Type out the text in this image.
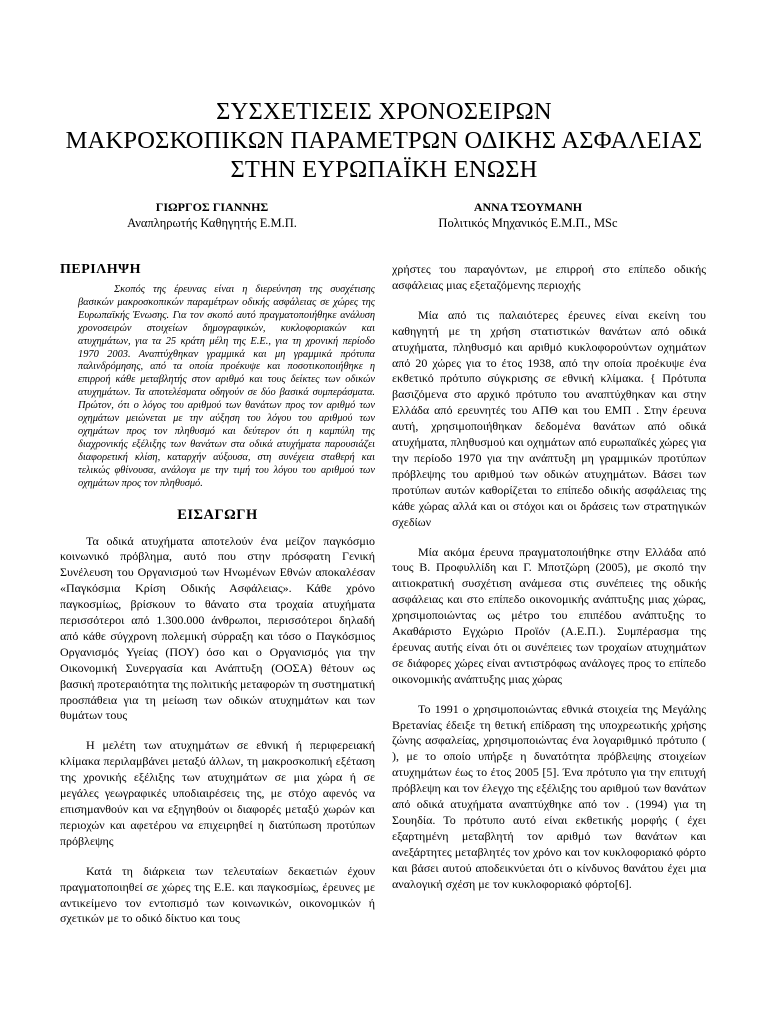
ΣΥΣΧΕΤΙΣΕΙΣ ΧΡΟΝΟΣΕΙΡΩΝ
ΜΑΚΡΟΣΚΟΠΙΚΩΝ ΠΑΡΑΜΕΤΡΩΝ ΟΔΙΚΗΣ ΑΣΦΑΛΕΙΑΣ
ΣΤΗΝ ΕΥΡΩΠΑΪΚΗ ΕΝΩΣΗ
ΓΙΩΡΓΟΣ ΓΙΑΝΝΗΣ
Αναπληρωτής Καθηγητής Ε.Μ.Π.
ΑΝΝΑ ΤΣΟΥΜΑΝΗ
Πολιτικός Μηχανικός Ε.Μ.Π., MSc
ΠΕΡΙΛΗΨΗ

Σκοπός της έρευνας είναι η διερεύνηση της συσχέτισης βασικών μακροσκοπικών παραμέτρων οδικής ασφάλειας σε χώρες της Ευρωπαϊκής Ένωσης. Για τον σκοπό αυτό πραγματοποιήθηκε ανάλυση χρονοσειρών στοιχείων δημογραφικών, κυκλοφοριακών και ατυχημάτων, για τα 25 κράτη μέλη της Ε.Ε., για τη χρονική περίοδο 1970 2003. Αναπτύχθηκαν γραμμικά και μη γραμμικά πρότυπα παλινδρόμησης, από τα οποία προέκυψε και ποσοτικοποιήθηκε η επιρροή κάθε μεταβλητής στον αριθμό και τους δείκτες των οδικών ατυχημάτων. Τα αποτελέσματα οδηγούν σε δύο βασικά συμπεράσματα. Πρώτον, ότι ο λόγος του αριθμού των θανάτων προς τον αριθμό των οχημάτων μειώνεται με την αύξηση του λόγου του αριθμού των οχημάτων προς τον πληθυσμό και δεύτερον ότι η καμπύλη της διαχρονικής εξέλιξης των θανάτων στα οδικά ατυχήματα παρουσιάζει διαφορετική κλίση, καταρχήν αύξουσα, στη συνέχεια σταθερή και τελικώς φθίνουσα, ανάλογα με την τιμή του λόγου του αριθμού των οχημάτων προς τον πληθυσμό.

ΕΙΣΑΓΩΓΗ

Τα οδικά ατυχήματα αποτελούν ένα μείζον παγκόσμιο κοινωνικό πρόβλημα, αυτό που στην πρόσφατη Γενική Συνέλευση του Οργανισμού των Ηνωμένων Εθνών αποκαλέσαν «Παγκόσμια Κρίση Οδικής Ασφάλειας». Κάθε χρόνο παγκοσμίως, βρίσκουν το θάνατο στα τροχαία ατυχήματα περισσότεροι από 1.300.000 άνθρωποι, περισσότεροι δηλαδή από κάθε σύγχρονη πολεμική σύρραξη και τόσο ο Παγκόσμιος Οργανισμός Υγείας (ΠΟΥ) όσο και ο Οργανισμός για την Οικονομική Συνεργασία και Ανάπτυξη (ΟΟΣΑ) θέτουν ως βασική προτεραιότητα της πολιτικής μεταφορών τη συστηματική προσπάθεια για τη μείωση των οδικών ατυχημάτων και των θυμάτων τους

Η μελέτη των ατυχημάτων σε εθνική ή περιφερειακή κλίμακα περιλαμβάνει μεταξύ άλλων, τη μακροσκοπική εξέταση της χρονικής εξέλιξης των ατυχημάτων σε μια χώρα ή σε μεγάλες γεωγραφικές υποδιαιρέσεις της, με στόχο αφενός να επισημανθούν και να εξηγηθούν οι διαφορές μεταξύ χωρών και περιοχών και αφετέρου να επιχειρηθεί η διατύπωση προτύπων πρόβλεψης

Κατά τη διάρκεια των τελευταίων δεκαετιών έχουν πραγματοποιηθεί σε χώρες της Ε.Ε. και παγκοσμίως, έρευνες με αντικείμενο τον εντοπισμό των κοινωνικών, οικονομικών ή σχετικών με το οδικό δίκτυο και τους

χρήστες του παραγόντων, με επιρροή στο επίπεδο οδικής ασφάλειας μιας εξεταζόμενης περιοχής

Μία από τις παλαιότερες έρευνες είναι εκείνη του καθηγητή με τη χρήση στατιστικών θανάτων από οδικά ατυχήματα, πληθυσμό και αριθμό κυκλοφορούντων οχημάτων από 20 χώρες για το έτος 1938, από την οποία προέκυψε ένα εκθετικό πρότυπο σύγκρισης σε εθνική κλίμακα. { Πρότυπα βασιζόμενα στο αρχικό πρότυπο του αναπτύχθηκαν και στην Ελλάδα από ερευνητές του ΑΠΘ και του ΕΜΠ . Στην έρευνα αυτή, χρησιμοποιήθηκαν δεδομένα θανάτων από οδικά ατυχήματα, πληθυσμού και οχημάτων από ευρωπαϊκές χώρες για την περίοδο 1970 για την ανάπτυξη μη γραμμικών προτύπων πρόβλεψης του αριθμού των οδικών ατυχημάτων. Βάσει των προτύπων αυτών καθορίζεται το επίπεδο οδικής ασφάλειας της κάθε χώρας αλλά και οι στόχοι και οι δράσεις των στρατηγικών σχεδίων

Μία ακόμα έρευνα πραγματοποιήθηκε στην Ελλάδα από τους Β. Προφυλλίδη και Γ. Μποτζώρη (2005), με σκοπό την αιτιοκρατική συσχέτιση ανάμεσα στις συνέπειες της οδικής ασφάλειας και στο επίπεδο οικονομικής ανάπτυξης μιας χώρας, χρησιμοποιώντας ως μέτρο του επιπέδου ανάπτυξης το Ακαθάριστο Εγχώριο Προϊόν (Α.Ε.Π.). Συμπέρασμα της έρευνας αυτής είναι ότι οι συνέπειες των τροχαίων ατυχημάτων σε διάφορες χώρες είναι αντιστρόφως ανάλογες προς το επίπεδο οικονομικής ανάπτυξης μιας χώρας

Το 1991 ο χρησιμοποιώντας εθνικά στοιχεία της Μεγάλης Βρετανίας έδειξε τη θετική επίδραση της υποχρεωτικής χρήσης ζώνης ασφαλείας, χρησιμοποιώντας ένα λογαριθμικό πρότυπο ( ), με το οποίο υπήρξε η δυνατότητα πρόβλεψης στοιχείων ατυχημάτων έως το έτος 2005 [5]. Ένα πρότυπο για την επιτυχή πρόβλεψη και τον έλεγχο της εξέλιξης του αριθμού των θανάτων από οδικά ατυχήματα αναπτύχθηκε από τον . (1994) για τη Σουηδία. Το πρότυπο αυτό είναι εκθετικής μορφής ( έχει εξαρτημένη μεταβλητή τον αριθμό των θανάτων και ανεξάρτητες μεταβλητές τον χρόνο και τον κυκλοφοριακό φόρτο και βάσει αυτού αποδεικνύεται ότι ο κίνδυνος θανάτου έχει μια αναλογική σχέση με τον κυκλοφοριακό φόρτο[6].
